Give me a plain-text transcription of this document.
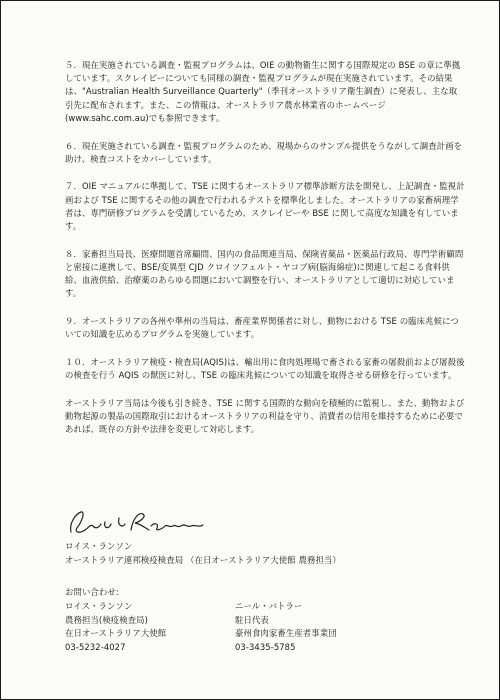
５．現在実施されている調査・監視プログラムは、OIE の動物衛生に関する国際規定の BSE の章に準拠しています。スクレイピーについても同様の調査・監視プログラムが現在実施されています。その結果は、"Australian Health Surveillance Quarterly"（季刊オーストラリア衛生調査）に発表し、主な取引先に配布されます。また、この情報は、オーストラリア農水林業省のホームページ(www.sahc.com.au)でも参照できます。

６．現在実施されている調査・監視プログラムのため、現場からのサンプル提供をうながして調査計画を助け、検査コストをカバーしています。

７．OIE マニュアルに準拠して、TSE に関するオーストラリア標準診断方法を開発し、上記調査・監視計画および TSE に関するその他の調査で行われるテストを標準化しました。オーストラリアの家畜病理学者は、専門研修プログラムを受講しているため、スクレイピーや BSE に関して高度な知識を有しています。

８．家畜担当局長、医療問題首席顧問、国内の食品関連当局、保険省薬品・医薬品行政局、専門学術顧問と密接に連携して、BSE/変異型 CJD クロイツフェルト・ヤコブ病(脳海綿症)に関連して起こる食料供給、血液供給、治療薬のあらゆる問題において調整を行い、オーストラリアとして適切に対応しています。

９．オーストラリアの各州や準州の当局は、畜産業界関係者に対し、動物における TSE の臨床兆候についての知識を広めるプログラムを実施しています。

１０．オーストラリア検疫・検査局(AQIS)は、輸出用に食肉処理場で畜される家畜の屠殺前および屠殺後の検査を行う AQIS の獣医に対し、TSE の臨床兆候についての知識を取得させる研修を行っています。

オーストラリア当局は今後も引き続き、TSE に関する国際的な動向を積極的に監視し、また、動物および動物起源の製品の国際取引におけるオーストラリアの利益を守り、消費者の信用を維持するために必要であれば、既存の方針や法律を変更して対応します。

ロイス・ランソン
オーストラリア連邦検疫検査局 （在日オーストラリア大使館 農務担当）
お問い合わせ:
ロイス・ランソン
農務担当(検疫検査局)
在日オーストラリア大使館
03-5232-4027
ニール・バトラー
駐日代表
豪州食肉家畜生産者事業団
03-3435-5785
